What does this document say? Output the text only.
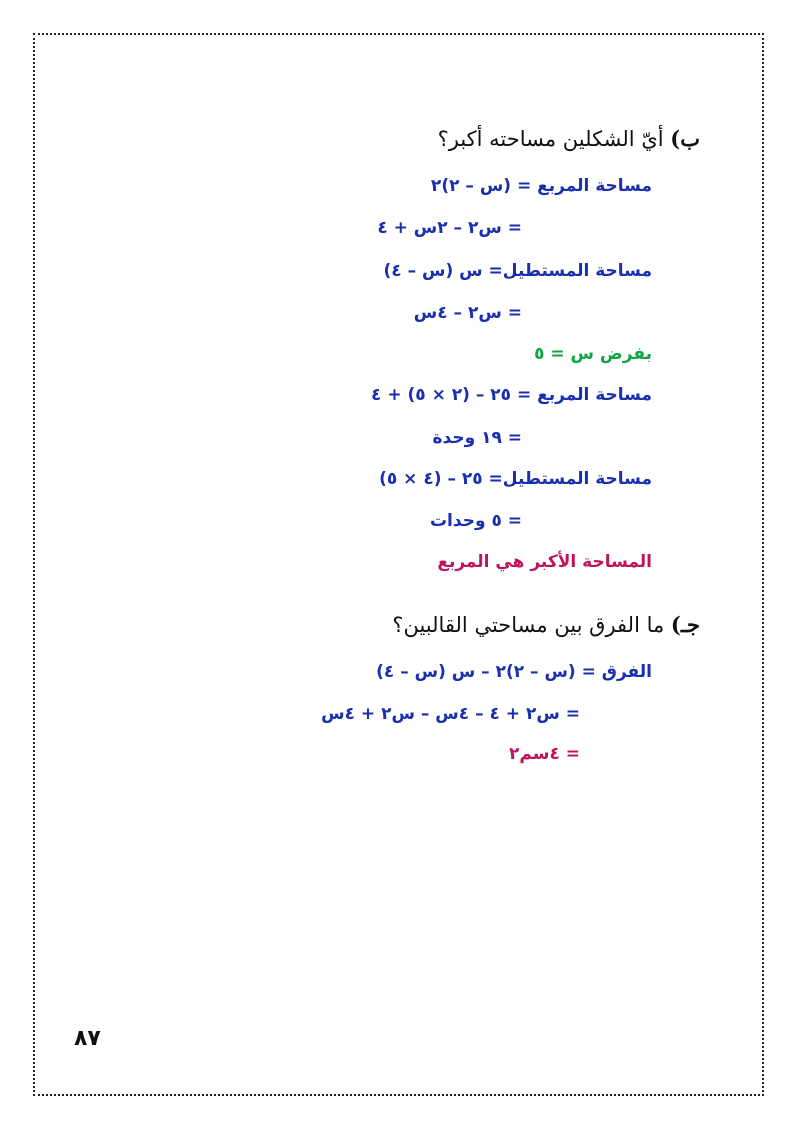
ب) أيّ الشكلين مساحته أكبر؟
مساحة المربع = (س – ٢)٢
= س٢ – ٢س + ٤
مساحة المستطيل= س (س – ٤)
= س٢ – ٤س
بفرض س = ٥
مساحة المربع = ٢٥ – (٢ × ٥) + ٤
= ١٩ وحدة
مساحة المستطيل= ٢٥ – (٤ × ٥)
= ٥ وحدات
المساحة الأكبر هي المربع
جـ) ما الفرق بين مساحتي القالبين؟
الفرق = (س – ٢)٢ – س (س – ٤)
= س٢ + ٤ – ٤س – س٢ + ٤س
= ٤سم٢
٨٧
